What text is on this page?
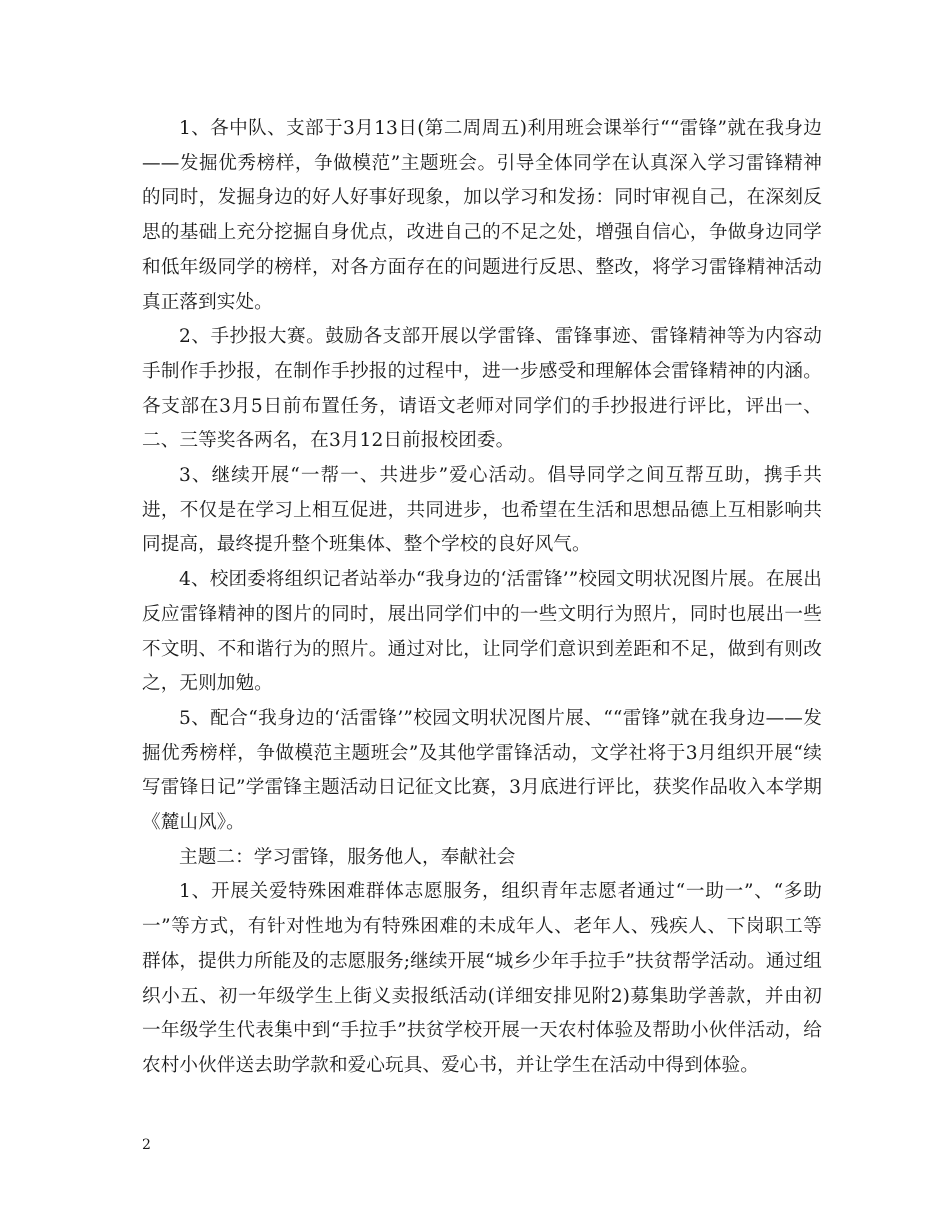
1、各中队、支部于3月13日(第二周周五)利用班会课举行““雷锋”就在我身边——发掘优秀榜样，争做模范”主题班会。引导全体同学在认真深入学习雷锋精神的同时，发掘身边的好人好事好现象，加以学习和发扬：同时审视自己，在深刻反思的基础上充分挖掘自身优点，改进自己的不足之处，增强自信心，争做身边同学和低年级同学的榜样，对各方面存在的问题进行反思、整改，将学习雷锋精神活动真正落到实处。

2、手抄报大赛。鼓励各支部开展以学雷锋、雷锋事迹、雷锋精神等为内容动手制作手抄报，在制作手抄报的过程中，进一步感受和理解体会雷锋精神的内涵。各支部在3月5日前布置任务，请语文老师对同学们的手抄报进行评比，评出一、二、三等奖各两名，在3月12日前报校团委。

3、继续开展“一帮一、共进步”爱心活动。倡导同学之间互帮互助，携手共进，不仅是在学习上相互促进，共同进步，也希望在生活和思想品德上互相影响共同提高，最终提升整个班集体、整个学校的良好风气。

4、校团委将组织记者站举办“我身边的‘活雷锋’”校园文明状况图片展。在展出反应雷锋精神的图片的同时，展出同学们中的一些文明行为照片，同时也展出一些不文明、不和谐行为的照片。通过对比，让同学们意识到差距和不足，做到有则改之，无则加勉。

5、配合“我身边的‘活雷锋’”校园文明状况图片展、““雷锋”就在我身边——发掘优秀榜样，争做模范主题班会”及其他学雷锋活动，文学社将于3月组织开展“续写雷锋日记”学雷锋主题活动日记征文比赛，3月底进行评比，获奖作品收入本学期《麓山风》。

主题二：学习雷锋，服务他人，奉献社会

1、开展关爱特殊困难群体志愿服务，组织青年志愿者通过“一助一”、“多助一”等方式，有针对性地为有特殊困难的未成年人、老年人、残疾人、下岗职工等群体，提供力所能及的志愿服务;继续开展“城乡少年手拉手”扶贫帮学活动。通过组织小五、初一年级学生上街义卖报纸活动(详细安排见附2)募集助学善款，并由初一年级学生代表集中到“手拉手”扶贫学校开展一天农村体验及帮助小伙伴活动，给农村小伙伴送去助学款和爱心玩具、爱心书，并让学生在活动中得到体验。

2
